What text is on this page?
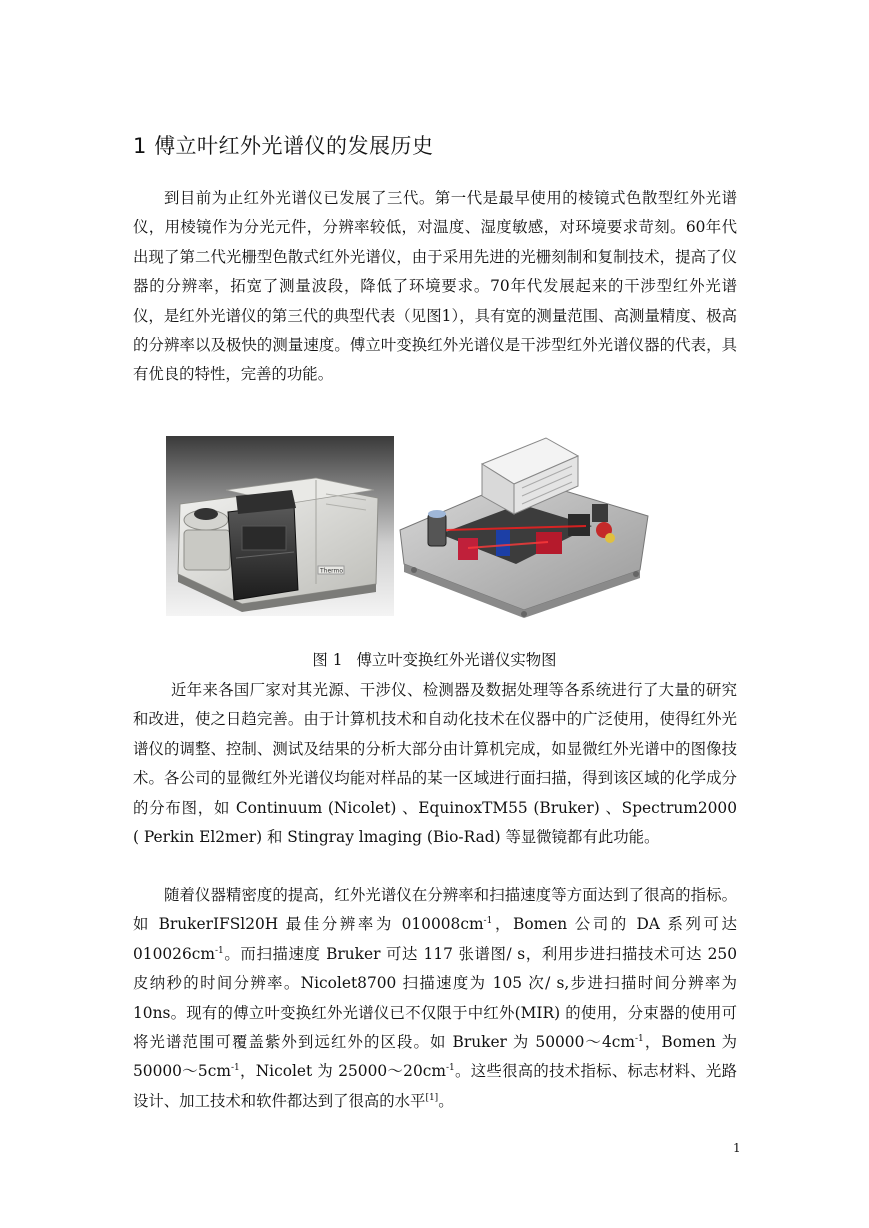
1 傅立叶红外光谱仪的发展历史

到目前为止红外光谱仪已发展了三代。第一代是最早使用的棱镜式色散型红外光谱仪，用棱镜作为分光元件，分辨率较低，对温度、湿度敏感，对环境要求苛刻。60年代出现了第二代光栅型色散式红外光谱仪，由于采用先进的光栅刻制和复制技术，提高了仪器的分辨率，拓宽了测量波段，降低了环境要求。70年代发展起来的干涉型红外光谱仪，是红外光谱仪的第三代的典型代表（见图1），具有宽的测量范围、高测量精度、极高的分辨率以及极快的测量速度。傅立叶变换红外光谱仪是干涉型红外光谱仪器的代表，具有优良的特性，完善的功能。

Thermo
图 1 傅立叶变换红外光谱仪实物图

近年来各国厂家对其光源、干涉仪、检测器及数据处理等各系统进行了大量的研究和改进，使之日趋完善。由于计算机技术和自动化技术在仪器中的广泛使用，使得红外光谱仪的调整、控制、测试及结果的分析大部分由计算机完成，如显微红外光谱中的图像技术。各公司的显微红外光谱仪均能对样品的某一区域进行面扫描，得到该区域的化学成分的分布图，如 Continuum (Nicolet) 、EquinoxTM55 (Bruker) 、Spectrum2000 ( Perkin El2mer) 和 Stingray lmaging (Bio-Rad) 等显微镜都有此功能。

随着仪器精密度的提高，红外光谱仪在分辨率和扫描速度等方面达到了很高的指标。如 BrukerIFSl20H 最佳分辨率为 $010008cm^{-1}$，Bomen 公司的 DA 系列可达 $010026cm^{-1}$。而扫描速度 Bruker 可达 117 张谱图/ s，利用步进扫描技术可达 250 皮纳秒的时间分辨率。Nicolet8700 扫描速度为 105 次/ s,步进扫描时间分辨率为 10ns。现有的傅立叶变换红外光谱仪已不仅限于中红外(MIR) 的使用，分束器的使用可将光谱范围可覆盖紫外到远红外的区段。如 Bruker 为 $50000\sim 4cm^{-1}$，Bomen 为 $50000\sim 5cm^{-1}$，Nicolet 为 $25000\sim 20cm^{-1}$。这些很高的技术指标、标志材料、光路设计、加工技术和软件都达到了很高的水平[1]。

1
